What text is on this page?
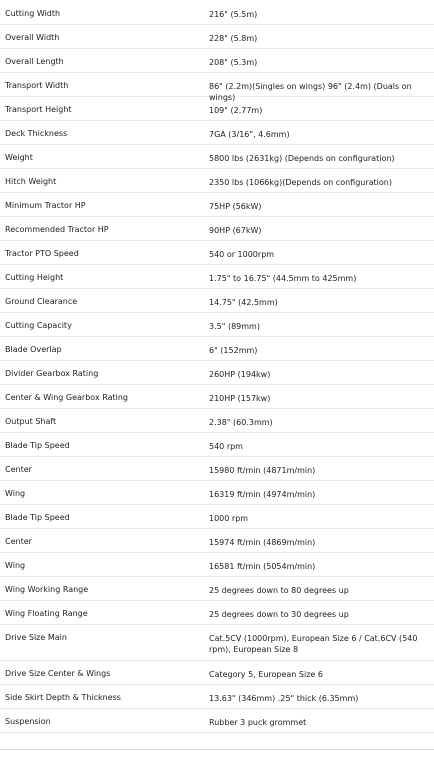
Cutting Width	216" (5.5m)
Overall Width	228" (5.8m)
Overall Length	208" (5.3m)
Transport Width	86" (2.2m)(Singles on wings) 96" (2.4m) (Duals on wings)
Transport Height	109" (2.77m)
Deck Thickness	7GA (3/16", 4.6mm)
Weight	5800 lbs (2631kg) (Depends on configuration)
Hitch Weight	2350 lbs (1066kg)(Depends on configuration)
Minimum Tractor HP	75HP (56kW)
Recommended Tractor HP	90HP (67kW)
Tractor PTO Speed	540 or 1000rpm
Cutting Height	1.75" to 16.75" (44.5mm to 425mm)
Ground Clearance	14.75" (42.5mm)
Cutting Capacity	3.5" (89mm)
Blade Overlap	6" (152mm)
Divider Gearbox Rating	260HP (194kw)
Center & Wing Gearbox Rating	210HP (157kw)
Output Shaft	2.38" (60.3mm)
Blade Tip Speed	540 rpm
Center	15980 ft/min (4871m/min)
Wing	16319 ft/min (4974m/min)
Blade Tip Speed	1000 rpm
Center	15974 ft/min (4869m/min)
Wing	16581 ft/min (5054m/min)
Wing Working Range	25 degrees down to 80 degrees up
Wing Floating Range	25 degrees down to 30 degrees up
Drive Size Main	Cat.5CV (1000rpm), European Size 6 / Cat.6CV (540 rpm), European Size 8
Drive Size Center & Wings	Category 5, European Size 6
Side Skirt Depth & Thickness	13.63" (346mm) .25" thick (6.35mm)
Suspension	Rubber 3 puck grommet
